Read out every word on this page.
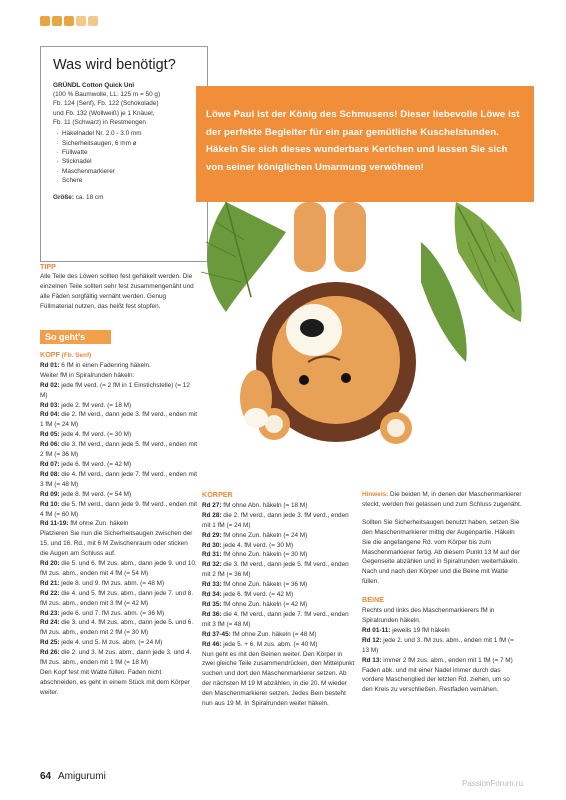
Was wird benötigt?
GRÜNDL Cotton Quick Uni
(100 % Baumwolle, LL: 125 m = 50 g)
Fb. 124 (Senf), Fb. 122 (Schokolade)
und Fb. 132 (Wollweiß) je 1 Knäuel,
Fb. 11 (Schwarz) in Restmengen
· Häkelnadel Nr. 2.0 - 3.0 mm
· Sicherheitsaugen, 6 mm ø
· Füllwatte
· Sticknadel
· Maschenmarkierer
· Schere
Größe: ca. 18 cm
Löwe Paul ist der König des Schmusens! Dieser liebevolle Löwe ist der perfekte Begleiter für ein paar gemütliche Kuschelstunden. Häkeln Sie sich dieses wunderbare Kerlchen und lassen Sie sich von seiner königlichen Umarmung verwöhnen!
TIPP
Alle Teile des Löwen sollten fest gehäkelt werden. Die einzelnen Teile sollten sehr fest zusammengenäht und alle Fäden sorgfältig vernäht werden. Genug Füllmaterial nutzen, das heißt fest stopfen.
So geht's

KOPF (Fb. Senf)

Rd 01: 6 fM in einen Fadenring häkeln.

Weiter fM in Spiralrunden häkeln:

Rd 02: jede fM verd. (= 2 fM in 1 Einstichstelle) (= 12 M)

Rd 03: jede 2. fM verd. (= 18 M)

Rd 04: die 2. fM verd., dann jede 3. fM verd., enden mit 1 fM (= 24 M)

Rd 05: jede 4. fM verd. (= 30 M)

Rd 06: die 3. fM verd., dann jede 5. fM verd., enden mit 2 fM (= 36 M)

Rd 07: jede 6. fM verd. (= 42 M)

Rd 08: die 4. fM verd., dann jede 7. fM verd., enden mit 3 fM (= 48 M)

Rd 09: jede 8. fM verd. (= 54 M)

Rd 10: die 5. fM verd., dann jede 9. fM verd., enden mit 4 fM (= 60 M)

Rd 11-19: fM ohne Zun. häkeln

Platzieren Sie nun die Sicherheitsaugen zwischen der 15. und 16. Rd., mit 6 M Zwischenraum oder sticken die Augen am Schluss auf.

Rd 20: die 5. und 6. fM zus. abm., dann jede 9. und 10. fM zus. abm., enden mit 4 fM (= 54 M)

Rd 21: jede 8. und 9. fM zus. abm. (= 48 M)

Rd 22: die 4. und 5. fM zus. abm., dann jede 7. und 8. fM zus. abm., enden mit 3 fM (= 42 M)

Rd 23: jede 6. und 7. fM zus. abm. (= 36 M)

Rd 24: die 3. und 4. fM zus. abm., dann jede 5. und 6. fM zus. abm., enden mit 2 fM (= 30 M)

Rd 25: jede 4. und 5. M zus. abm. (= 24 M)

Rd 26: die 2. und 3. M zus. abm., dann jede 3. und 4. fM zus. abm., enden mit 1 fM (= 18 M)

Den Kopf fest mit Watte füllen. Faden nicht abschneiden, es geht in einem Stück mit dem Körper weiter.

KÖRPER

Rd 27: fM ohne Abn. häkeln (= 18 M)

Rd 28: die 2. fM verd., dann jede 3. fM verd., enden mit 1 fM (= 24 M)

Rd 29: fM ohne Zun. häkeln (= 24 M)

Rd 30: jede 4. fM verd. (= 30 M)

Rd 31: fM ohne Zun. häkeln (= 30 M)

Rd 32: die 3. fM verd., dann jede 5. fM verd., enden mit 2 fM (= 36 M)

Rd 33: fM ohne Zun. häkeln (= 36 M)

Rd 34: jede 6. fM verd. (= 42 M)

Rd 35: fM ohne Zun. häkeln (= 42 M)

Rd 36: die 4. fM verd., dann jede 7. fM verd., enden mit 3 fM (= 48 M)

Rd 37-45: fM ohne Zun. häkeln (= 48 M)

Rd 46: jede 5. + 6. M zus. abm. (= 40 M)

Nun geht es mit den Beinen weiter. Den Körper in zwei gleiche Teile zusammendrücken, den Mittelpunkt suchen und dort den Maschenmarkierer setzen. Ab der nächsten M 19 M abzählen, in die 20. M wieder den Maschenmarkierer setzen. Jedes Bein besteht nun aus 19 M. In Spiralrunden weiter häkeln.

Hinweis: Die beiden M, in denen der Maschenmarkierer steckt, werden frei gelassen und zum Schluss zugenäht.

Sollten Sie Sicherheitsaugen benutzt haben, setzen Sie den Maschenmarkierer mittig der Augenpartie. Häkeln Sie die angefangene Rd. vom Körper bis zum Maschenmarkierer fertig. Ab diesem Punkt 13 M auf der Gegenseite abzählen und in Spiralrunden weiterhäkeln. Nach und nach den Körper und die Beine mit Watte füllen.

BEINE

Rechts und links des Maschenmarkierers fM in Spiralrunden häkeln.

Rd 01-11: jeweils 19 fM häkeln

Rd 12: jede 2. und 3. fM zus. abm., enden mit 1 fM (= 13 M)

Rd 13: immer 2 fM zus. abm., enden mit 1 fM (= 7 M)

Faden abk. und mit einer Nadel immer durch das vordere Maschenglied der letzten Rd. ziehen, um so den Kreis zu verschließen. Restfaden vernähen.

64 Amigurumi
PassionForum.ru
